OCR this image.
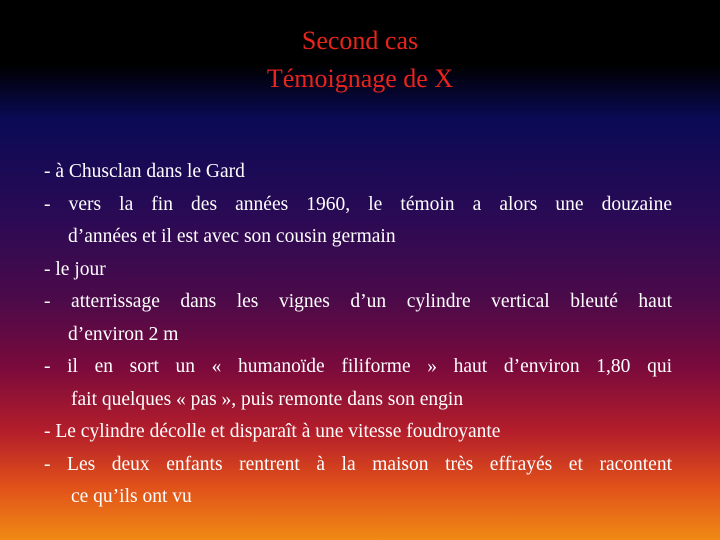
Second cas
Témoignage de X
- à Chusclan dans le Gard
- vers la fin des années 1960, le témoin a alors une douzaine
d’années et il est avec son cousin germain
- le jour
- atterrissage dans les vignes d’un cylindre vertical bleuté haut
d’environ 2 m
- il en sort un « humanoïde filiforme » haut d’environ 1,80 qui
fait quelques « pas », puis remonte dans son engin
- Le cylindre décolle et disparaît à une vitesse foudroyante
- Les deux enfants rentrent à la maison très effrayés et racontent
ce qu’ils ont vu
